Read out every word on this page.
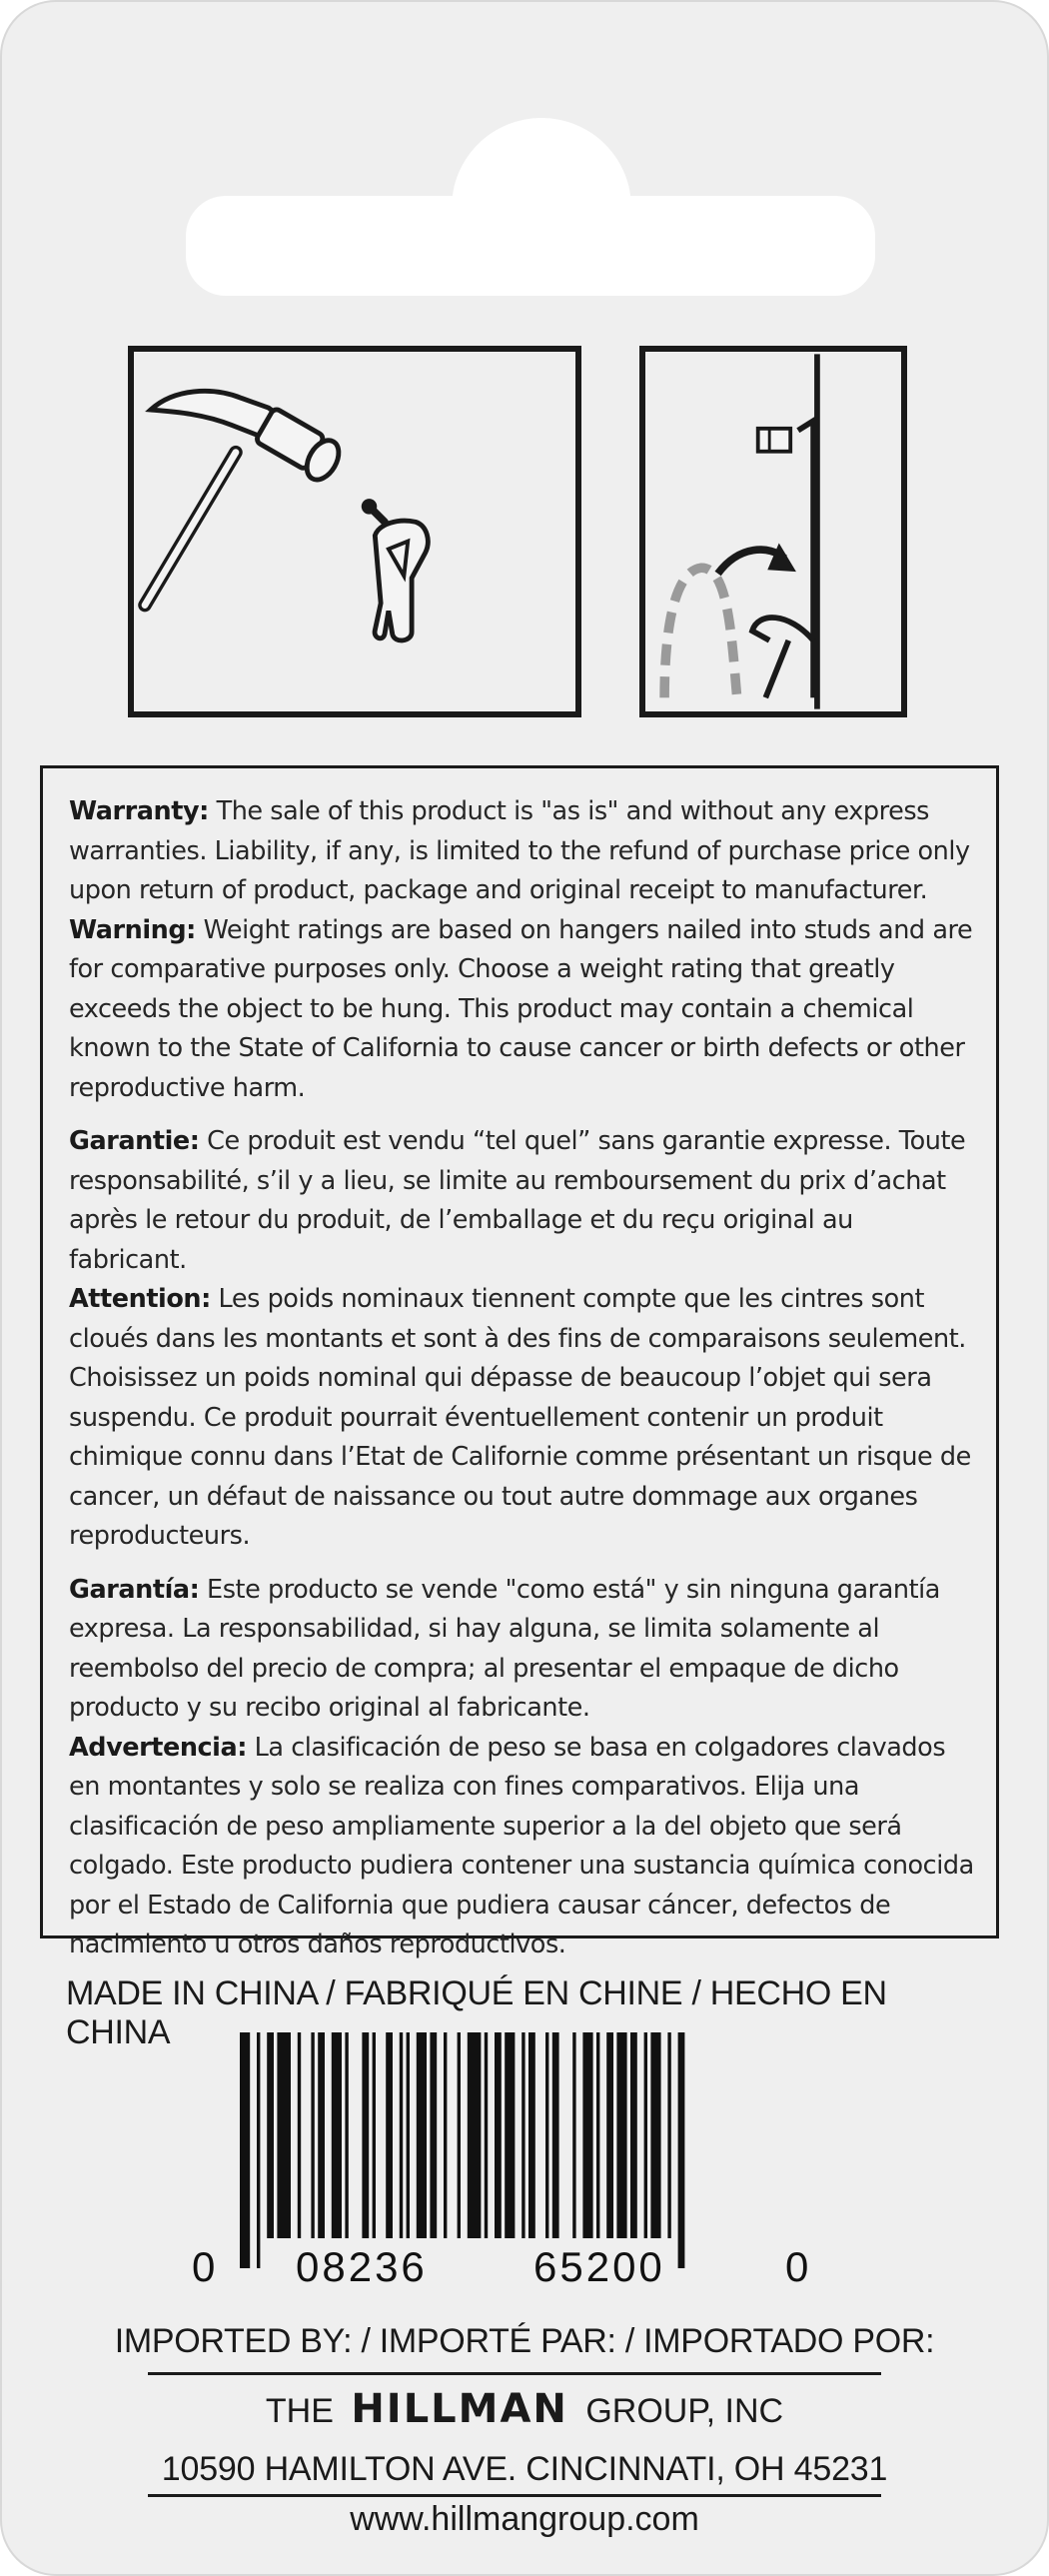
Warranty: The sale of this product is "as is" and without any express warranties. Liability, if any, is limited to the refund of purchase price only upon return of product, package and original receipt to manufacturer.

Warning: Weight ratings are based on hangers nailed into studs and are for comparative purposes only. Choose a weight rating that greatly exceeds the object to be hung. This product may contain a chemical known to the State of California to cause cancer or birth defects or other reproductive harm.

Garantie: Ce produit est vendu “tel quel” sans garantie expresse. Toute responsabilité, s’il y a lieu, se limite au remboursement du prix d’achat après le retour du produit, de l’emballage et du reçu original au fabricant.

Attention: Les poids nominaux tiennent compte que les cintres sont cloués dans les montants et sont à des fins de comparaisons seulement. Choisissez un poids nominal qui dépasse de beaucoup l’objet qui sera suspendu. Ce produit pourrait éventuellement contenir un produit chimique connu dans l’Etat de Californie comme présentant un risque de cancer, un défaut de naissance ou tout autre dommage aux organes reproducteurs.

Garantía: Este producto se vende "como está" y sin ninguna garantía expresa. La responsabilidad, si hay alguna, se limita solamente al reembolso del precio de compra; al presentar el empaque de dicho producto y su recibo original al fabricante.

Advertencia: La clasificación de peso se basa en colgadores clavados en montantes y solo se realiza con fines comparativos. Elija una clasificación de peso ampliamente superior a la del objeto que será colgado. Este producto pudiera contener una sustancia química conocida por el Estado de California que pudiera causar cáncer, defectos de nacimiento u otros daños reproductivos.

MADE IN CHINA / FABRIQUÉ EN CHINE / HECHO EN CHINA
0 08236	65200	0
IMPORTED BY: / IMPORTÉ PAR: / IMPORTADO POR:
THE HILLMAN GROUP, INC
10590 HAMILTON AVE. CINCINNATI, OH 45231
www.hillmangroup.com
